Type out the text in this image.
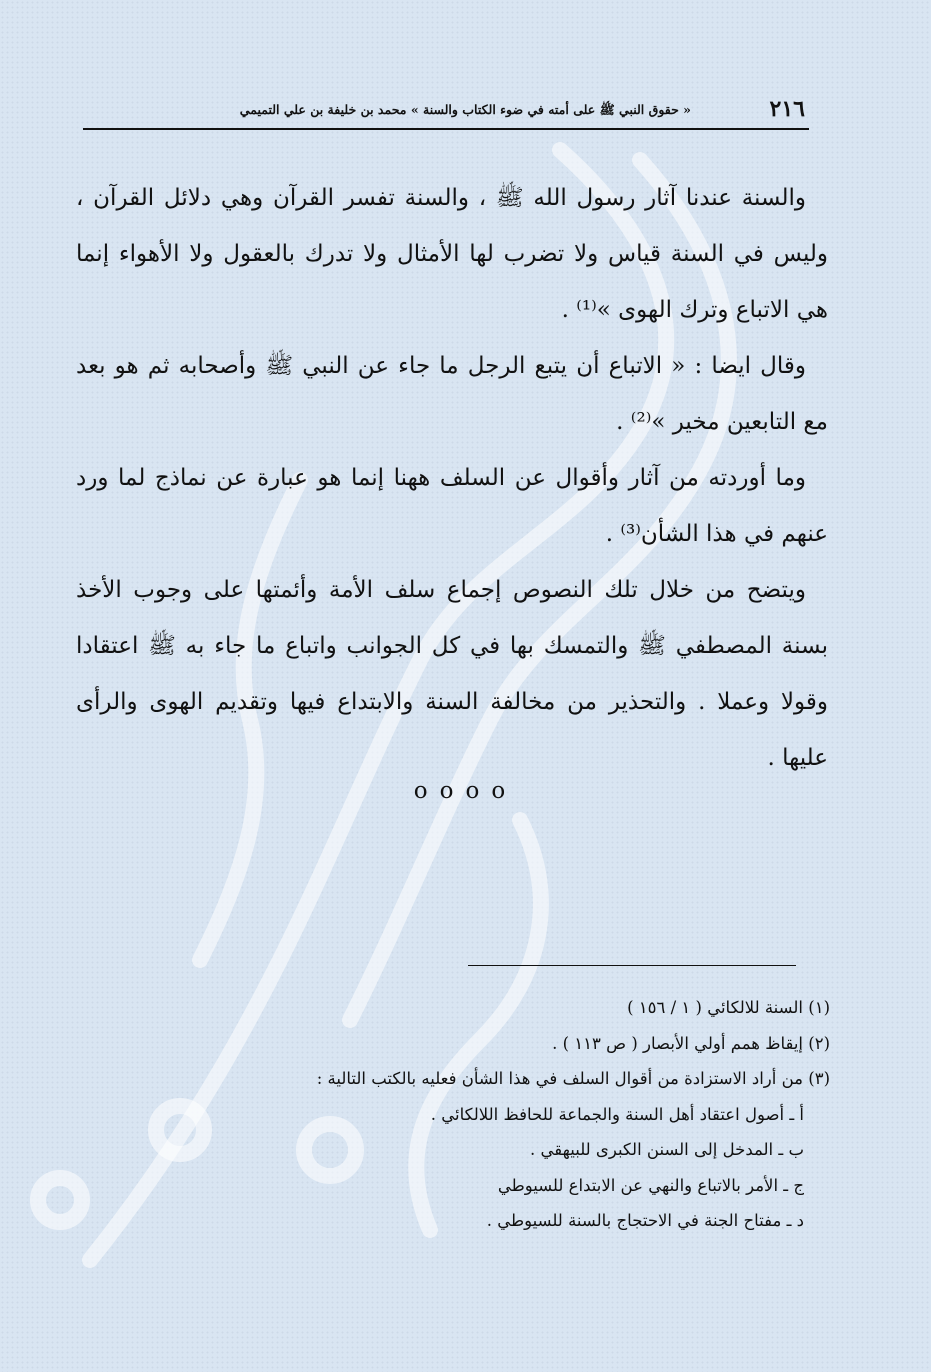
٢١٦
« حقوق النبي ﷺ على أمته في ضوء الكتاب والسنة » محمد بن خليفة بن علي التميمي

والسنة عندنا آثار رسول الله ﷺ ، والسنة تفسر القرآن وهي دلائل القرآن ، وليس في السنة قياس ولا تضرب لها الأمثال ولا تدرك بالعقول ولا الأهواء إنما هي الاتباع وترك الهوى »⁽¹⁾ .

وقال ايضا : « الاتباع أن يتبع الرجل ما جاء عن النبي ﷺ وأصحابه ثم هو بعد مع التابعين مخير »⁽²⁾ .

وما أوردته من آثار وأقوال عن السلف ههنا إنما هو عبارة عن نماذج لما ورد عنهم في هذا الشأن⁽³⁾ .

ويتضح من خلال تلك النصوص إجماع سلف الأمة وأئمتها على وجوب الأخذ بسنة المصطفي ﷺ والتمسك بها في كل الجوانب واتباع ما جاء به ﷺ اعتقادا وقولا وعملا . والتحذير من مخالفة السنة والابتداع فيها وتقديم الهوى والرأى عليها .

oooo

(١) السنة للالكائي ( ١ / ١٥٦ )

(٢) إيقاظ همم أولي الأبصار ( ص ١١٣ ) .

(٣) من أراد الاستزادة من أقوال السلف في هذا الشأن فعليه بالكتب التالية :

أ ـ أصول اعتقاد أهل السنة والجماعة للحافظ اللالكائي .

ب ـ المدخل إلى السنن الكبرى للبيهقي .

ج ـ الأمر بالاتباع والنهي عن الابتداع للسيوطي

د ـ مفتاح الجنة في الاحتجاج بالسنة للسيوطي .
